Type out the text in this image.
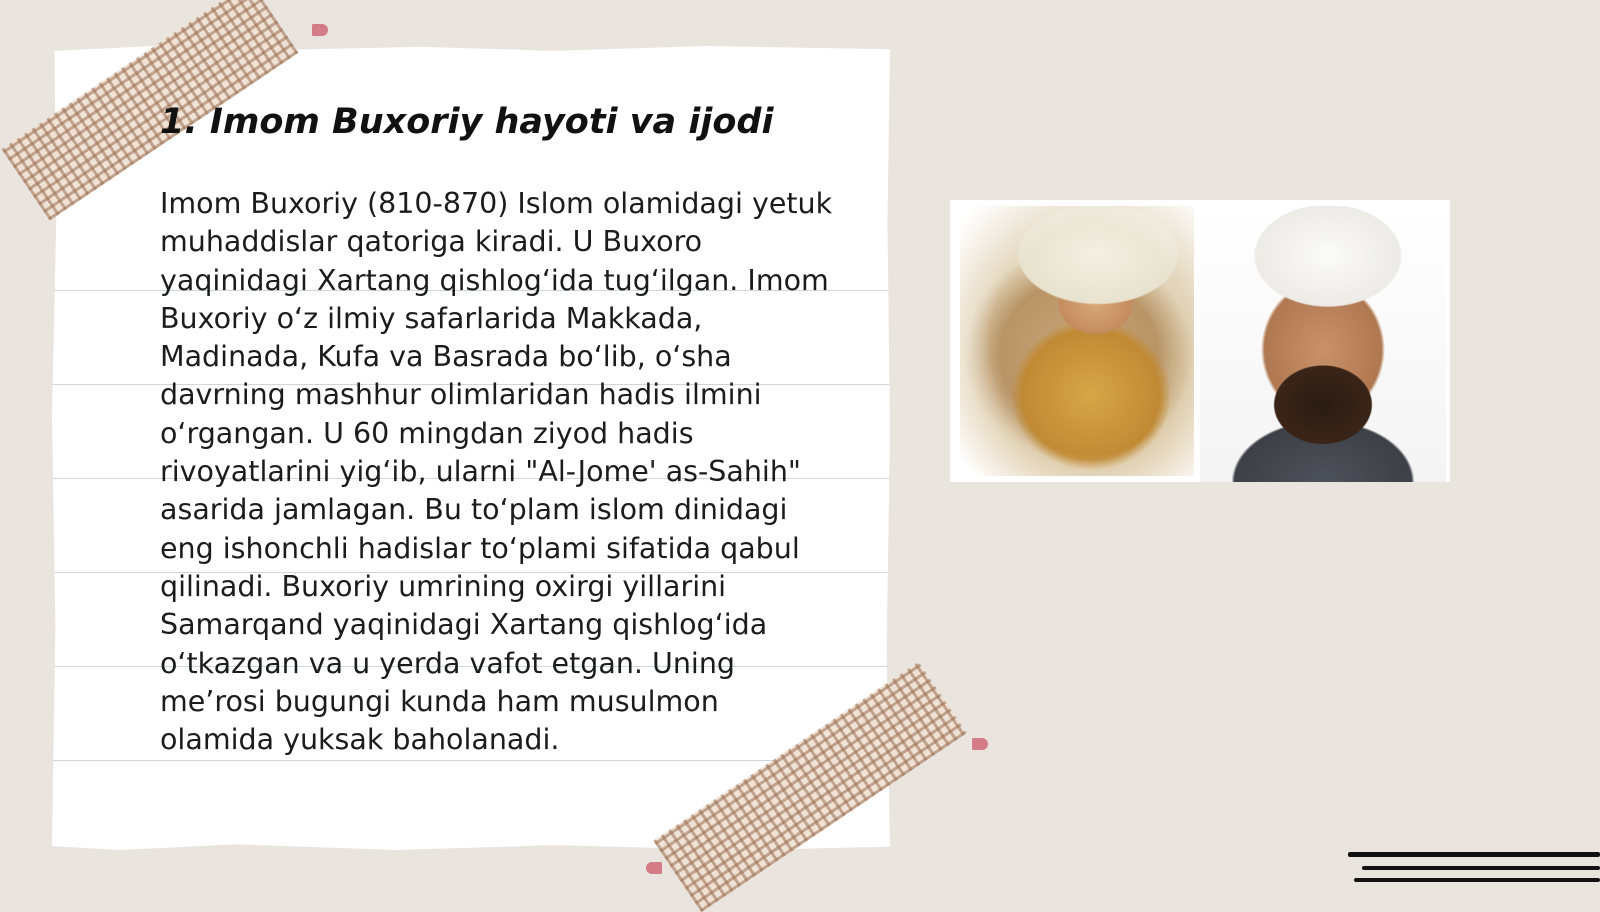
1. Imom Buxoriy hayoti va ijodi

Imom Buxoriy (810-870) Islom olamidagi yetuk muhaddislar qatoriga kiradi. U Buxoro yaqinidagi Xartang qishlog‘ida tug‘ilgan. Imom Buxoriy o‘z ilmiy safarlarida Makkada, Madinada, Kufa va Basrada bo‘lib, o‘sha davrning mashhur olimlaridan hadis ilmini o‘rgangan. U 60 mingdan ziyod hadis rivoyatlarini yig‘ib, ularni "Al-Jome' as-Sahih" asarida jamlagan. Bu to‘plam islom dinidagi eng ishonchli hadislar to‘plami sifatida qabul qilinadi. Buxoriy umrining oxirgi yillarini Samarqand yaqinidagi Xartang qishlog‘ida o‘tkazgan va u yerda vafot etgan. Uning me’rosi bugungi kunda ham musulmon olamida yuksak baholanadi.
